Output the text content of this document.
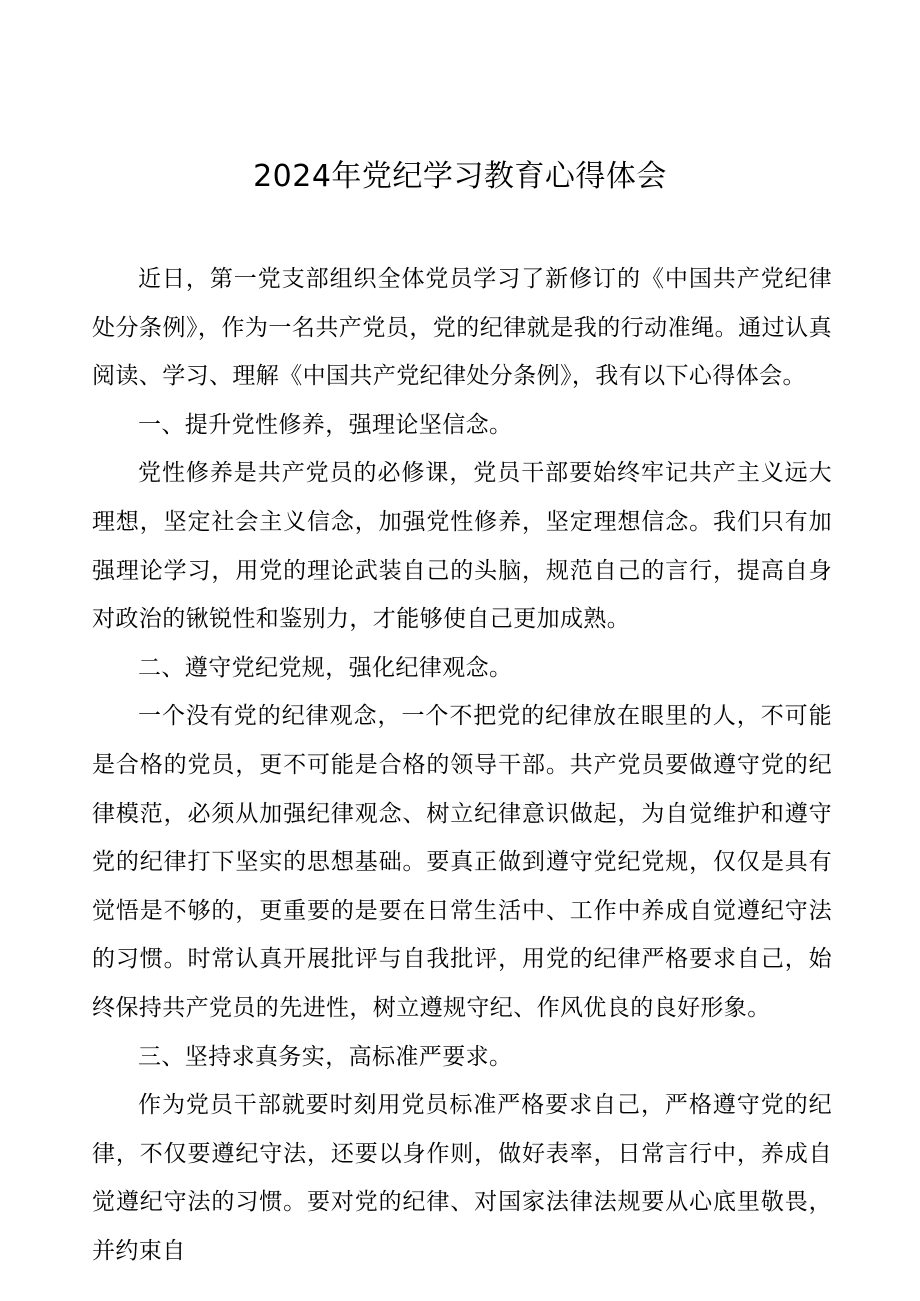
2024年党纪学习教育心得体会

近日，第一党支部组织全体党员学习了新修订的《中国共产党纪律处分条例》，作为一名共产党员，党的纪律就是我的行动准绳。通过认真阅读、学习、理解《中国共产党纪律处分条例》，我有以下心得体会。

一、提升党性修养，强理论坚信念。

党性修养是共产党员的必修课，党员干部要始终牢记共产主义远大理想，坚定社会主义信念，加强党性修养，坚定理想信念。我们只有加强理论学习，用党的理论武装自己的头脑，规范自己的言行，提高自身对政治的锹锐性和鉴别力，才能够使自己更加成熟。

二、遵守党纪党规，强化纪律观念。

一个没有党的纪律观念，一个不把党的纪律放在眼里的人，不可能是合格的党员，更不可能是合格的领导干部。共产党员要做遵守党的纪律模范，必须从加强纪律观念、树立纪律意识做起，为自觉维护和遵守党的纪律打下坚实的思想基础。要真正做到遵守党纪党规，仅仅是具有觉悟是不够的，更重要的是要在日常生活中、工作中养成自觉遵纪守法的习惯。时常认真开展批评与自我批评，用党的纪律严格要求自己，始终保持共产党员的先进性，树立遵规守纪、作风优良的良好形象。

三、坚持求真务实，高标准严要求。

作为党员干部就要时刻用党员标准严格要求自己，严格遵守党的纪律，不仅要遵纪守法，还要以身作则，做好表率，日常言行中，养成自觉遵纪守法的习惯。要对党的纪律、对国家法律法规要从心底里敬畏，并约束自
